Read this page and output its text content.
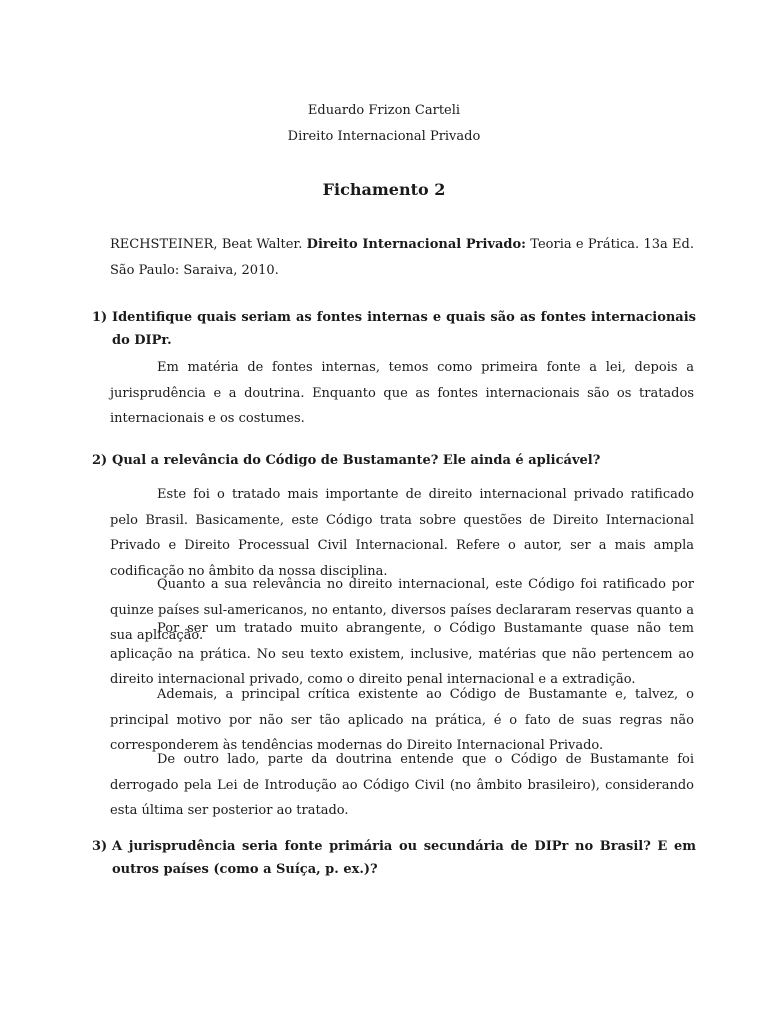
Eduardo Frizon Carteli
Direito Internacional Privado
Fichamento 2
RECHSTEINER, Beat Walter. Direito Internacional Privado: Teoria e Prática. 13a Ed. São Paulo: Saraiva, 2010.
1) Identifique quais seriam as fontes internas e quais são as fontes internacionais do DIPr.

Em matéria de fontes internas, temos como primeira fonte a lei, depois a jurisprudência e a doutrina. Enquanto que as fontes internacionais são os tratados internacionais e os costumes.

2) Qual a relevância do Código de Bustamante? Ele ainda é aplicável?

Este foi o tratado mais importante de direito internacional privado ratificado pelo Brasil. Basicamente, este Código trata sobre questões de Direito Internacional Privado e Direito Processual Civil Internacional. Refere o autor, ser a mais ampla codificação no âmbito da nossa disciplina.

Quanto a sua relevância no direito internacional, este Código foi ratificado por quinze países sul-americanos, no entanto, diversos países declararam reservas quanto a sua aplicação.

Por ser um tratado muito abrangente, o Código Bustamante quase não tem aplicação na prática. No seu texto existem, inclusive, matérias que não pertencem ao direito internacional privado, como o direito penal internacional e a extradição.

Ademais, a principal crítica existente ao Código de Bustamante e, talvez, o principal motivo por não ser tão aplicado na prática, é o fato de suas regras não corresponderem às tendências modernas do Direito Internacional Privado.

De outro lado, parte da doutrina entende que o Código de Bustamante foi derrogado pela Lei de Introdução ao Código Civil (no âmbito brasileiro), considerando esta última ser posterior ao tratado.

3) A jurisprudência seria fonte primária ou secundária de DIPr no Brasil? E em outros países (como a Suíça, p. ex.)?
